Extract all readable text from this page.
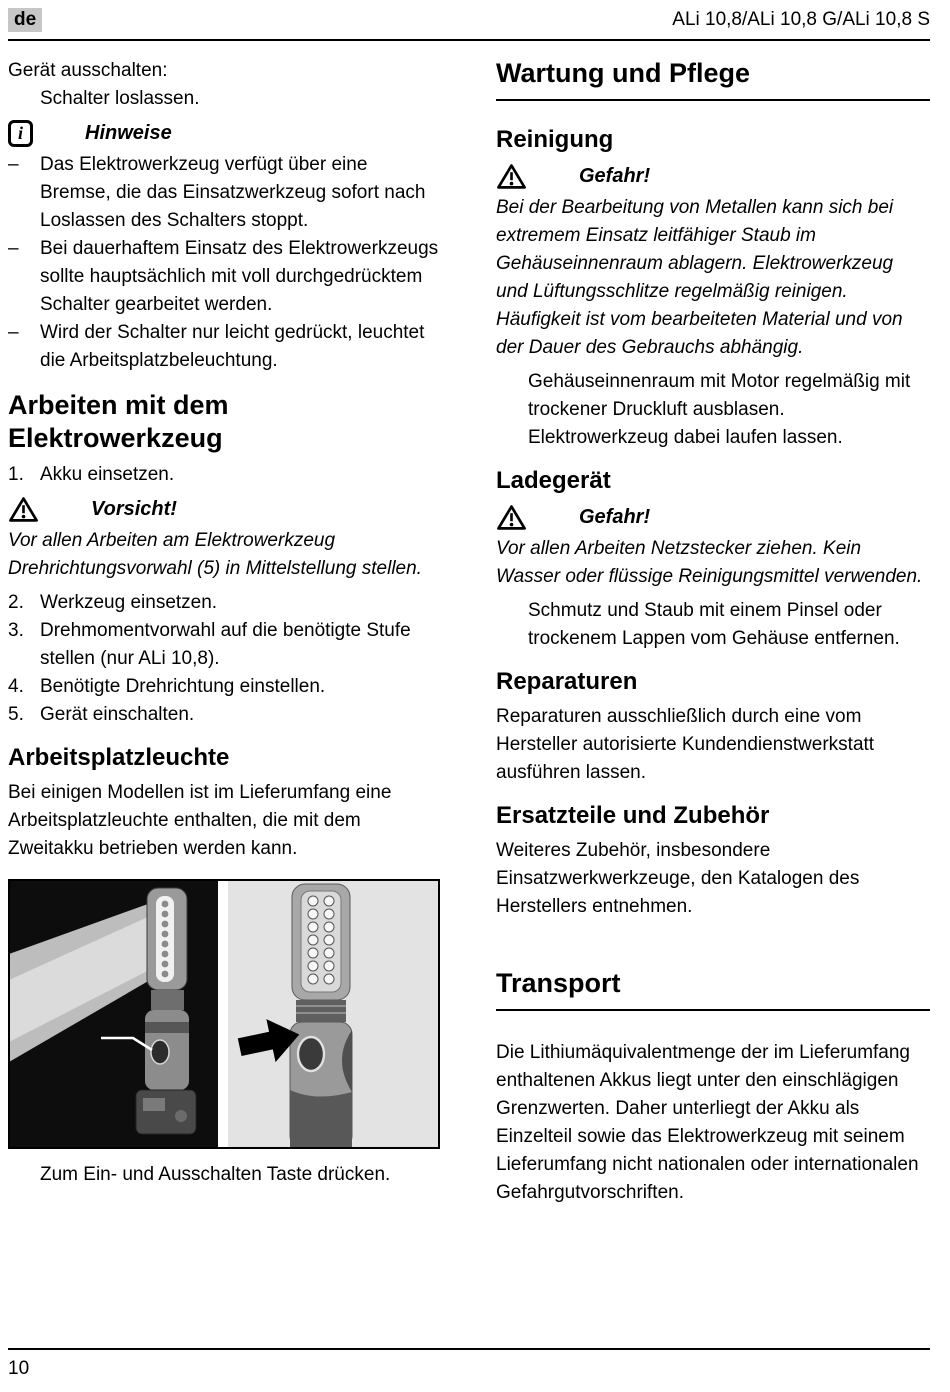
de	ALi 10,8/ALi 10,8 G/ALi 10,8 S

Gerät ausschalten:

Schalter loslassen.

i	Hinweise
–	Das Elektrowerkzeug verfügt über eine Bremse, die das Einsatzwerkzeug sofort nach Loslassen des Schalters stoppt.

–	Bei dauerhaftem Einsatz des Elektrowerkzeugs sollte hauptsächlich mit voll durchgedrücktem Schalter gearbeitet werden.

–	Wird der Schalter nur leicht gedrückt, leuchtet die Arbeitsplatzbeleuchtung.

Arbeiten mit dem Elektrowerkzeug
1. Akku einsetzen.

Vorsicht!

Vor allen Arbeiten am Elektrowerkzeug Drehrichtungsvorwahl (5) in Mittelstellung stellen.

2. Werkzeug einsetzen.

3. Drehmomentvorwahl auf die benötigte Stufe stellen (nur ALi 10,8).

4. Benötigte Drehrichtung einstellen.

5. Gerät einschalten.

Arbeitsplatzleuchte

Bei einigen Modellen ist im Lieferumfang eine Arbeitsplatzleuchte enthalten, die mit dem Zweitakku betrieben werden kann.

Zum Ein- und Ausschalten Taste drücken.

Wartung und Pflege
Reinigung
Gefahr!

Bei der Bearbeitung von Metallen kann sich bei extremem Einsatz leitfähiger Staub im Gehäuseinnenraum ablagern. Elektrowerkzeug und Lüftungsschlitze regelmäßig reinigen. Häufigkeit ist vom bearbeiteten Material und von der Dauer des Gebrauchs abhängig.

Gehäuseinnenraum mit Motor regelmäßig mit trockener Druckluft ausblasen. Elektrowerkzeug dabei laufen lassen.

Ladegerät
Gefahr!

Vor allen Arbeiten Netzstecker ziehen. Kein Wasser oder flüssige Reinigungsmittel verwenden.

Schmutz und Staub mit einem Pinsel oder trockenem Lappen vom Gehäuse entfernen.

Reparaturen

Reparaturen ausschließlich durch eine vom Hersteller autorisierte Kundendienstwerkstatt ausführen lassen.

Ersatzteile und Zubehör

Weiteres Zubehör, insbesondere Einsatzwerkwerkzeuge, den Katalogen des Herstellers entnehmen.

Transport

Die Lithiumäquivalentmenge der im Lieferumfang enthaltenen Akkus liegt unter den einschlägigen Grenzwerten. Daher unterliegt der Akku als Einzelteil sowie das Elektrowerkzeug mit seinem Lieferumfang nicht nationalen oder internationalen Gefahrgutvorschriften.

10
